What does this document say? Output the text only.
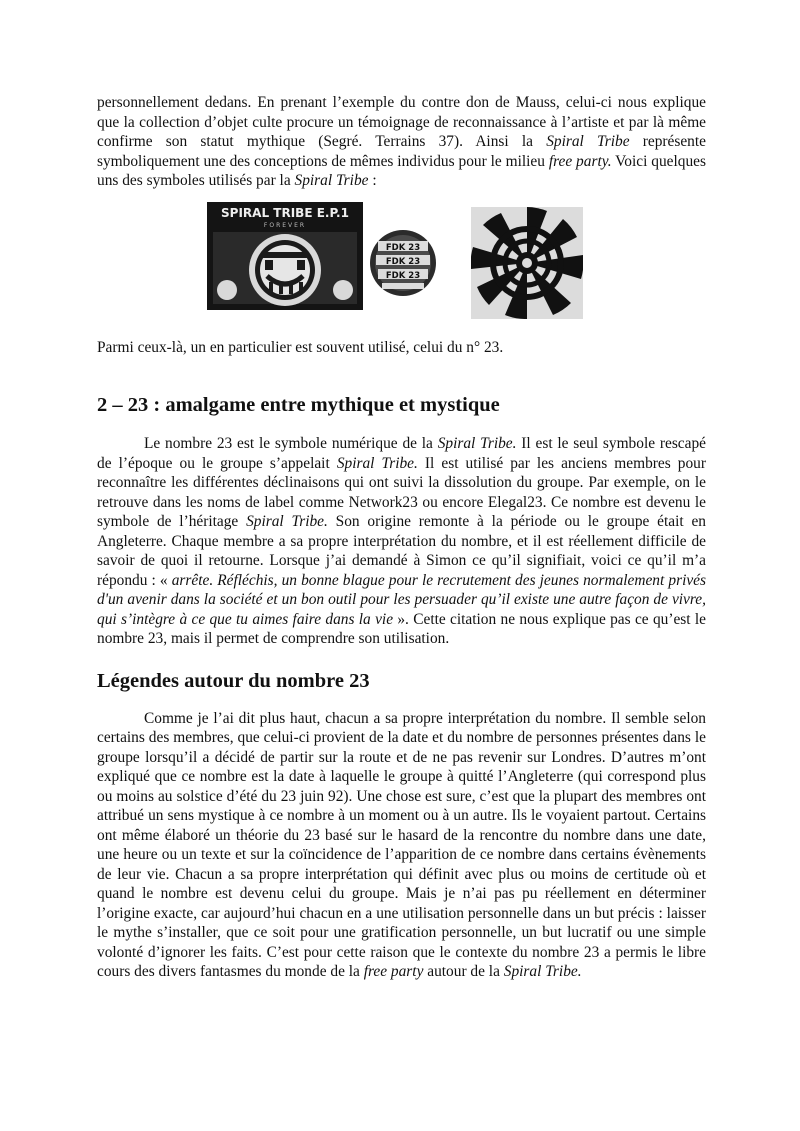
personnellement dedans. En prenant l’exemple du contre don de Mauss, celui-ci nous explique que la collection d’objet culte procure un témoignage de reconnaissance à l’artiste et par là même confirme son statut mythique (Segré. Terrains 37). Ainsi la Spiral Tribe représente symboliquement une des conceptions de mêmes individus pour le milieu free party. Voici quelques uns des symboles utilisés par la Spiral Tribe :

SPIRAL TRIBE E.P.1
FOREVER
FDK 23
FDK 23
FDK 23

Parmi ceux-là, un en particulier est souvent utilisé, celui du n° 23.

2 – 23 : amalgame entre mythique et mystique

Le nombre 23 est le symbole numérique de la Spiral Tribe. Il est le seul symbole rescapé de l’époque ou le groupe s’appelait Spiral Tribe. Il est utilisé par les anciens membres pour reconnaître les différentes déclinaisons qui ont suivi la dissolution du groupe. Par exemple, on le retrouve dans les noms de label comme Network23 ou encore Elegal23. Ce nombre est devenu le symbole de l’héritage Spiral Tribe. Son origine remonte à la période ou le groupe était en Angleterre. Chaque membre a sa propre interprétation du nombre, et il est réellement difficile de savoir de quoi il retourne. Lorsque j’ai demandé à Simon ce qu’il signifiait, voici ce qu’il m’a répondu : « arrête. Réfléchis, un bonne blague pour le recrutement des jeunes normalement privés d'un avenir dans la société et un bon outil pour les persuader qu’il existe une autre façon de vivre, qui s’intègre à ce que tu aimes faire dans la vie ». Cette citation ne nous explique pas ce qu’est le nombre 23, mais il permet de comprendre son utilisation.

Légendes autour du nombre 23

Comme je l’ai dit plus haut, chacun a sa propre interprétation du nombre. Il semble selon certains des membres, que celui-ci provient de la date et du nombre de personnes présentes dans le groupe lorsqu’il a décidé de partir sur la route et de ne pas revenir sur Londres. D’autres m’ont expliqué que ce nombre est la date à laquelle le groupe à quitté l’Angleterre (qui correspond plus ou moins au solstice d’été du 23 juin 92). Une chose est sure, c’est que la plupart des membres ont attribué un sens mystique à ce nombre à un moment ou à un autre. Ils le voyaient partout. Certains ont même élaboré un théorie du 23 basé sur le hasard de la rencontre du nombre dans une date, une heure ou un texte et sur la coïncidence de l’apparition de ce nombre dans certains évènements de leur vie. Chacun a sa propre interprétation qui définit avec plus ou moins de certitude où et quand le nombre est devenu celui du groupe. Mais je n’ai pas pu réellement en déterminer l’origine exacte, car aujourd’hui chacun en a une utilisation personnelle dans un but précis : laisser le mythe s’installer, que ce soit pour une gratification personnelle, un but lucratif ou une simple volonté d’ignorer les faits. C’est pour cette raison que le contexte du nombre 23 a permis le libre cours des divers fantasmes du monde de la free party autour de la Spiral Tribe.
